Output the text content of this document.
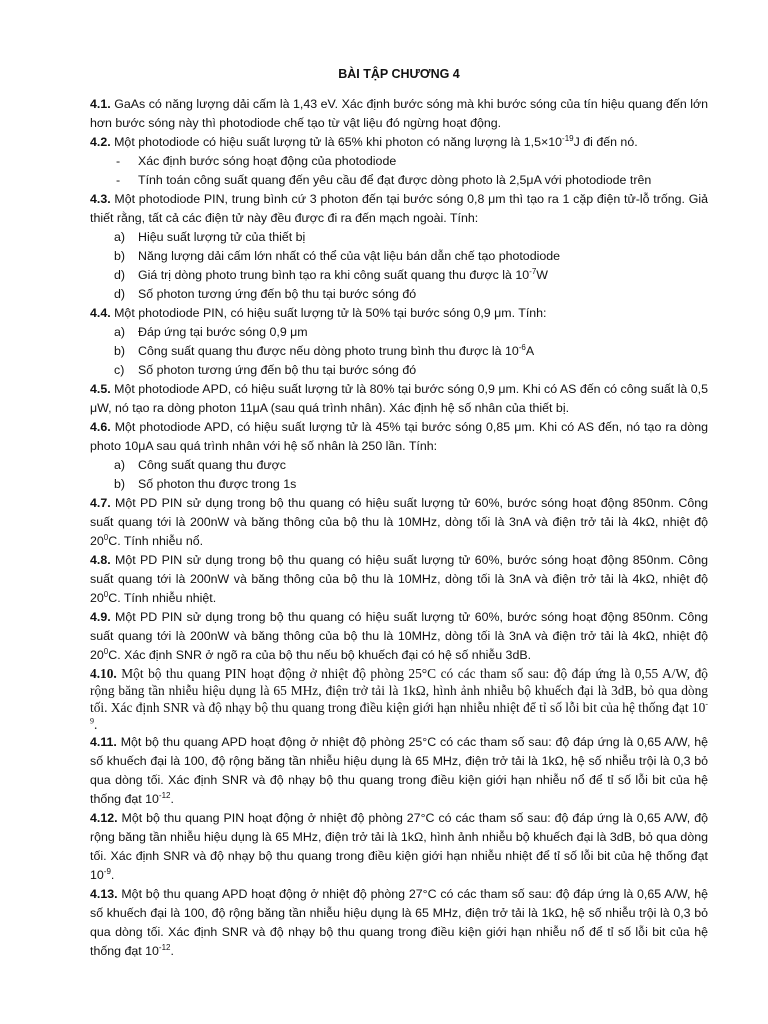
BÀI TẬP CHƯƠNG 4

4.1. GaAs có năng lượng dải cấm là 1,43 eV. Xác định bước sóng mà khi bước sóng của tín hiệu quang đến lớn hơn bước sóng này thì photodiode chế tạo từ vật liệu đó ngừng hoạt động.

4.2. Một photodiode có hiệu suất lượng tử là 65% khi photon có năng lượng là $1,5\times 10^{-19}J$ đi đến nó.

-	Xác định bước sóng hoạt động của photodiode
-	Tính toán công suất quang đến yêu cầu để đạt được dòng photo là 2,5μA với photodiode trên

4.3. Một photodiode PIN, trung bình cứ 3 photon đến tại bước sóng 0,8 μm thì tạo ra 1 cặp điện tử-lỗ trống. Giả thiết rằng, tất cả các điện tử này đều được đi ra đến mạch ngoài. Tính:

a)	Hiệu suất lượng tử của thiết bị
b)	Năng lượng dải cấm lớn nhất có thể của vật liệu bán dẫn chế tạo photodiode
d)	Giá trị dòng photo trung bình tạo ra khi công suất quang thu được là $10^{-7}W$
d)	Số photon tương ứng đến bộ thu tại bước sóng đó

4.4. Một photodiode PIN, có hiệu suất lượng tử là 50% tại bước sóng 0,9 μm. Tính:

a)	Đáp ứng tại bước sóng 0,9 μm
b)	Công suất quang thu được nếu dòng photo trung bình thu được là $10^{-6}A$
c)	Số photon tương ứng đến bộ thu tại bước sóng đó

4.5. Một photodiode APD, có hiệu suất lượng tử là 80% tại bước sóng 0,9 μm. Khi có AS đến có công suất là 0,5 μW, nó tạo ra dòng photon 11μA (sau quá trình nhân). Xác định hệ số nhân của thiết bị.

4.6. Một photodiode APD, có hiệu suất lượng tử là 45% tại bước sóng 0,85 μm. Khi có AS đến, nó tạo ra dòng photo 10μA sau quá trình nhân với hệ số nhân là 250 lần. Tính:

a)	Công suất quang thu được
b)	Số photon thu được trong 1s

4.7. Một PD PIN sử dụng trong bộ thu quang có hiệu suất lượng tử 60%, bước sóng hoạt động 850nm. Công suất quang tới là 200nW và băng thông của bộ thu là 10MHz, dòng tối là 3nA và điện trở tải là 4kΩ, nhiệt độ $20^0C$. Tính nhiễu nổ.

4.8. Một PD PIN sử dụng trong bộ thu quang có hiệu suất lượng tử 60%, bước sóng hoạt động 850nm. Công suất quang tới là 200nW và băng thông của bộ thu là 10MHz, dòng tối là 3nA và điện trở tải là 4kΩ, nhiệt độ $20^0C$. Tính nhiễu nhiệt.

4.9. Một PD PIN sử dụng trong bộ thu quang có hiệu suất lượng tử 60%, bước sóng hoạt động 850nm. Công suất quang tới là 200nW và băng thông của bộ thu là 10MHz, dòng tối là 3nA và điện trở tải là 4kΩ, nhiệt độ $20^0C$. Xác định SNR ở ngõ ra của bộ thu nếu bộ khuếch đại có hệ số nhiễu 3dB.

4.10. Một bộ thu quang PIN hoạt động ở nhiệt độ phòng 25°C có các tham số sau: độ đáp ứng là 0,55 A/W, độ rộng băng tần nhiễu hiệu dụng là 65 MHz, điện trở tải là 1kΩ, hình ảnh nhiễu bộ khuếch đại là 3dB, bỏ qua dòng tối. Xác định SNR và độ nhạy bộ thu quang trong điều kiện giới hạn nhiễu nhiệt để tỉ số lỗi bit của hệ thống đạt $10^{-9}$.

4.11. Một bộ thu quang APD hoạt động ở nhiệt độ phòng 25°C có các tham số sau: độ đáp ứng là 0,65 A/W, hệ số khuếch đại là 100, độ rộng băng tần nhiễu hiệu dụng là 65 MHz, điện trở tải là 1kΩ, hệ số nhiễu trội là 0,3 bỏ qua dòng tối. Xác định SNR và độ nhạy bộ thu quang trong điều kiện giới hạn nhiễu nổ để tỉ số lỗi bit của hệ thống đạt $10^{-12}$.

4.12. Một bộ thu quang PIN hoạt động ở nhiệt độ phòng 27°C có các tham số sau: độ đáp ứng là 0,65 A/W, độ rộng băng tần nhiễu hiệu dụng là 65 MHz, điện trở tải là 1kΩ, hình ảnh nhiễu bộ khuếch đại là 3dB, bỏ qua dòng tối. Xác định SNR và độ nhạy bộ thu quang trong điều kiện giới hạn nhiễu nhiệt để tỉ số lỗi bit của hệ thống đạt $10^{-9}$.

4.13. Một bộ thu quang APD hoạt động ở nhiệt độ phòng 27°C có các tham số sau: độ đáp ứng là 0,65 A/W, hệ số khuếch đại là 100, độ rộng băng tần nhiễu hiệu dụng là 65 MHz, điện trở tải là 1kΩ, hệ số nhiễu trội là 0,3 bỏ qua dòng tối. Xác định SNR và độ nhạy bộ thu quang trong điều kiện giới hạn nhiễu nổ để tỉ số lỗi bit của hệ thống đạt $10^{-12}$.
